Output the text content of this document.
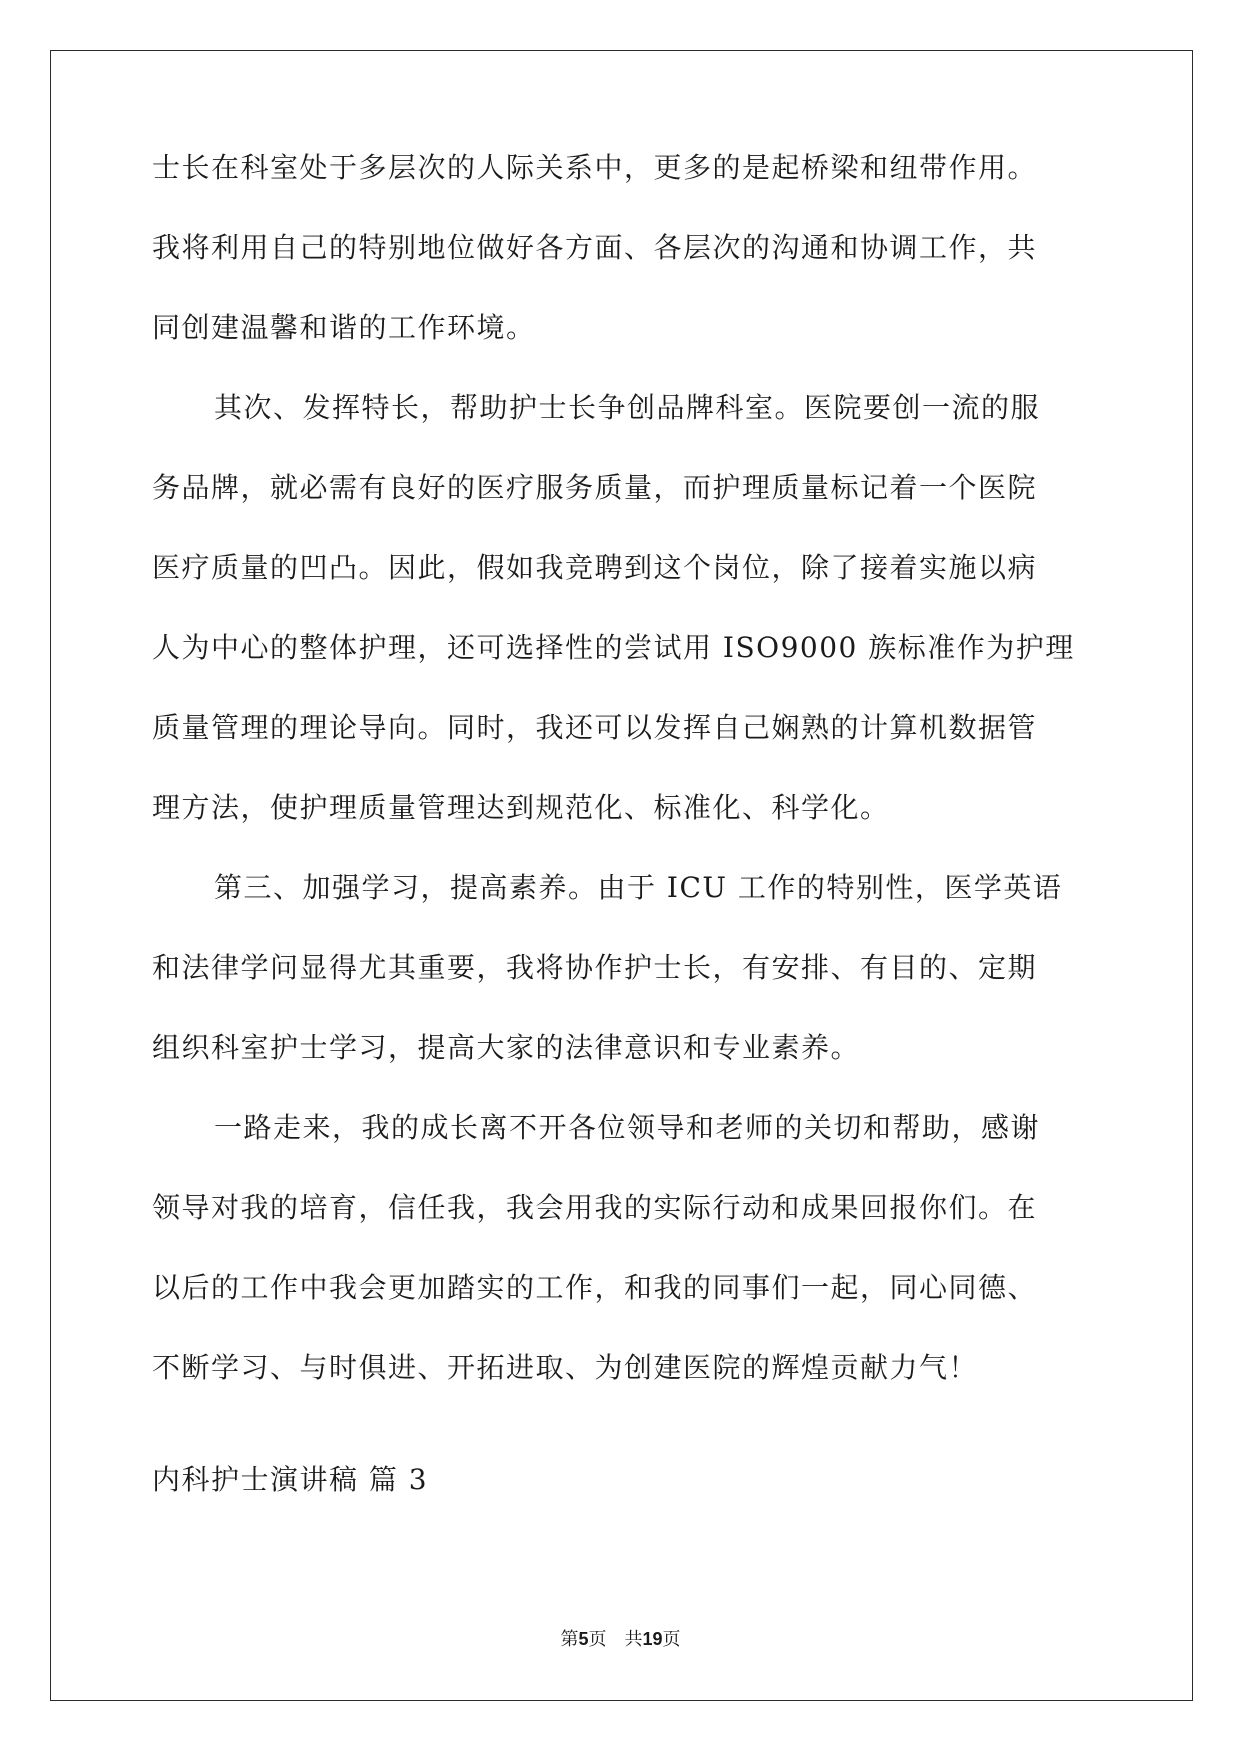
士长在科室处于多层次的人际关系中，更多的是起桥梁和纽带作用。
我将利用自己的特别地位做好各方面、各层次的沟通和协调工作，共
同创建温馨和谐的工作环境。
其次、发挥特长，帮助护士长争创品牌科室。医院要创一流的服
务品牌，就必需有良好的医疗服务质量，而护理质量标记着一个医院
医疗质量的凹凸。因此，假如我竞聘到这个岗位，除了接着实施以病
人为中心的整体护理，还可选择性的尝试用 ISO9000 族标准作为护理
质量管理的理论导向。同时，我还可以发挥自己娴熟的计算机数据管
理方法，使护理质量管理达到规范化、标准化、科学化。
第三、加强学习，提高素养。由于 ICU 工作的特别性，医学英语
和法律学问显得尤其重要，我将协作护士长，有安排、有目的、定期
组织科室护士学习，提高大家的法律意识和专业素养。
一路走来，我的成长离不开各位领导和老师的关切和帮助，感谢
领导对我的培育，信任我，我会用我的实际行动和成果回报你们。在
以后的工作中我会更加踏实的工作，和我的同事们一起，同心同德、
不断学习、与时俱进、开拓进取、为创建医院的辉煌贡献力气！
内科护士演讲稿 篇 3
第5页 共19页
